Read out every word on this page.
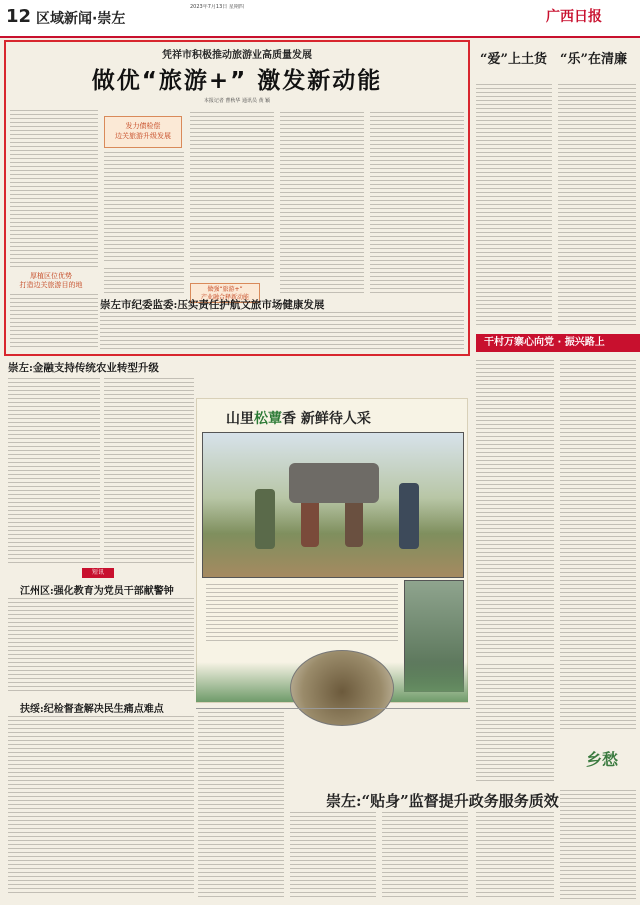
12 区域新闻·崇左
2023年7月13日 星期四
广西日报
凭祥市积极推动旅游业高质量发展
做优“旅游+” 激发新动能
本报记者 曹秋华 通讯员 黄 颖
发力债检偿
边关旅游升级发展
厚植区位优势
打造边关旅游目的地
做强“旅游+”
产业融合释新动能
崇左市纪委监委:压实责任护航文旅市场健康发展
“爱”上土货 “乐”在清廉
干村万寨心向党 · 振兴路上
崇左:金融支持传统农业转型升级
短讯
江州区:强化教育为党员干部献警钟
扶绥:纪检督查解决民生痛点难点
山里松蕈香 新鲜待人采
乡愁
崇左:“贴身”监督提升政务服务质效
